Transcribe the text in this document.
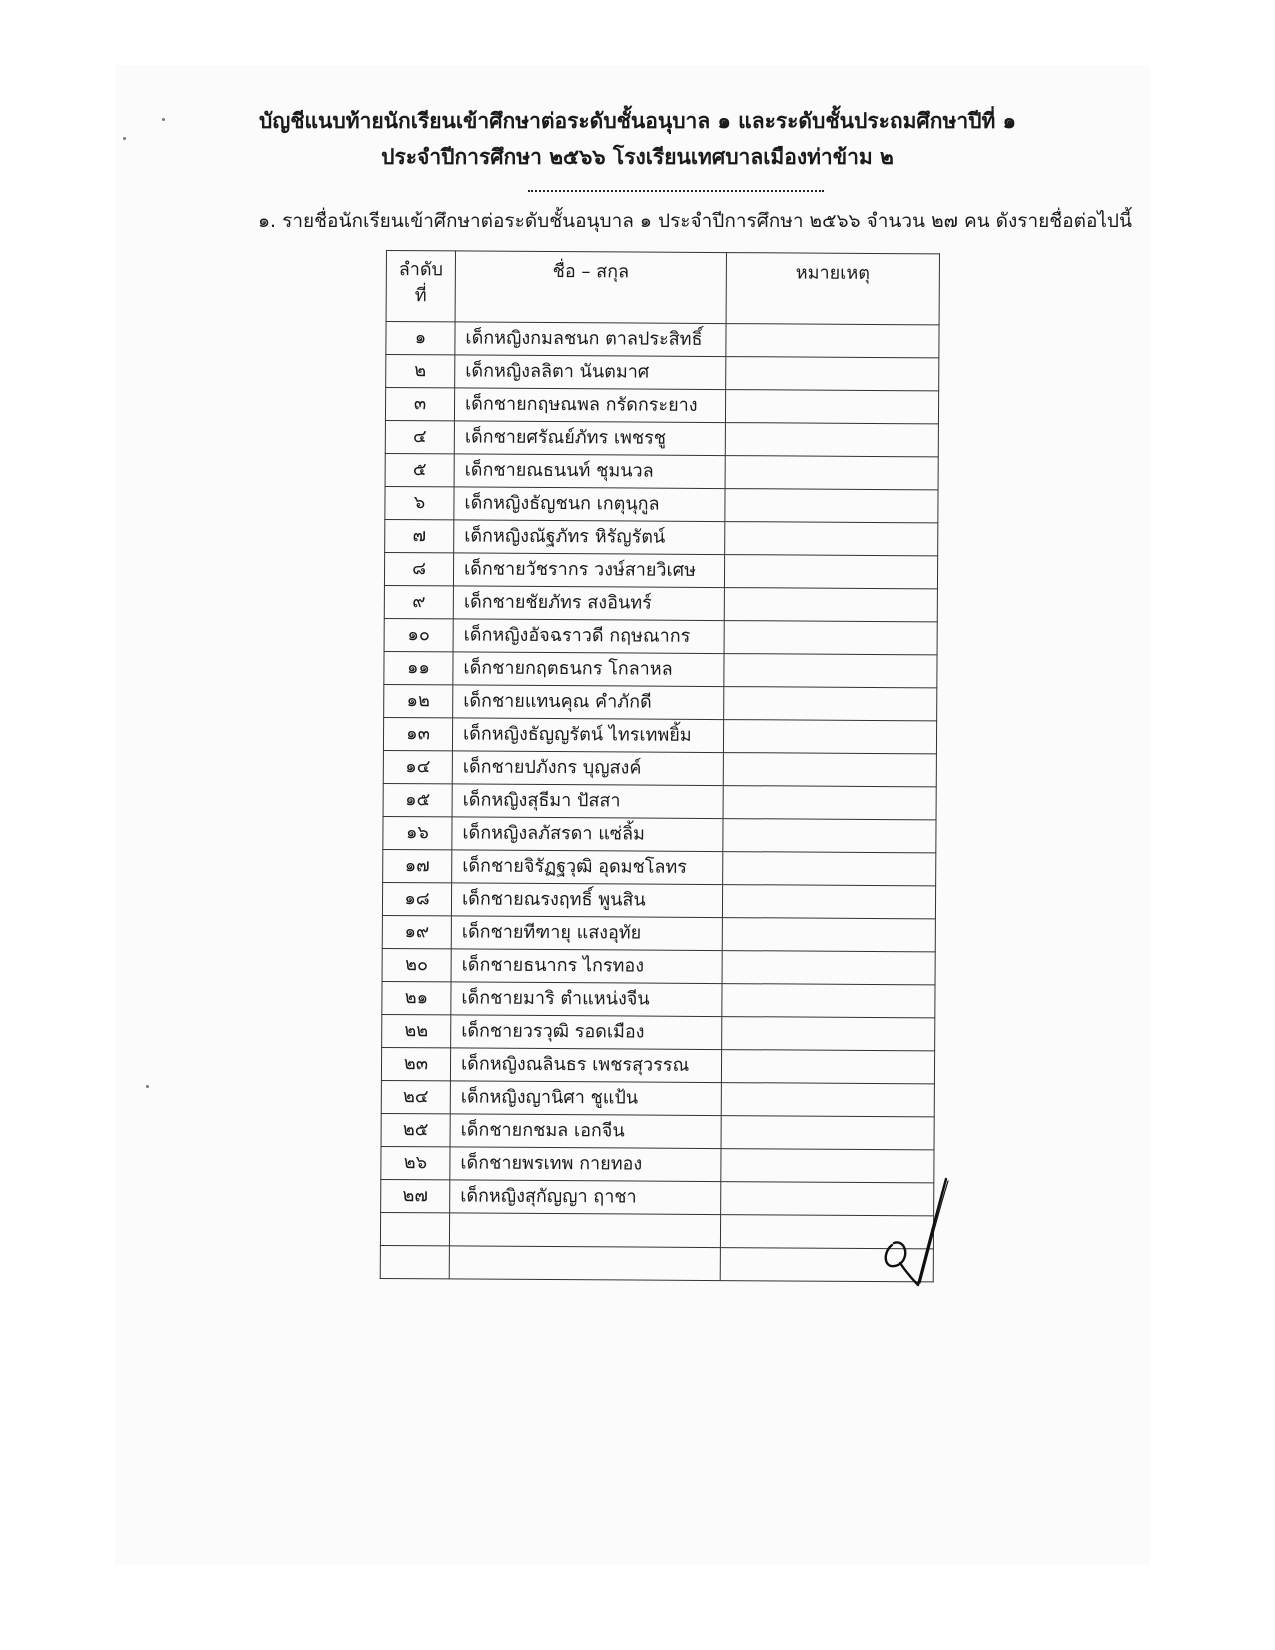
บัญชีแนบท้ายนักเรียนเข้าศึกษาต่อระดับชั้นอนุบาล ๑ และระดับชั้นประถมศึกษาปีที่ ๑
ประจำปีการศึกษา ๒๕๖๖ โรงเรียนเทศบาลเมืองท่าข้าม ๒
๑. รายชื่อนักเรียนเข้าศึกษาต่อระดับชั้นอนุบาล ๑ ประจำปีการศึกษา ๒๕๖๖ จำนวน ๒๗ คน ดังรายชื่อต่อไปนี้
ลำดับ
ที่	ชื่อ – สกุล	หมายเหตุ
๑	เด็กหญิงกมลชนก ตาลประสิทธิ์	
๒	เด็กหญิงลลิตา นันตมาศ	
๓	เด็กชายกฤษณพล กรัดกระยาง	
๔	เด็กชายศรัณย์ภัทร เพชรชู	
๕	เด็กชายณธนนท์ ชุมนวล	
๖	เด็กหญิงธัญชนก เกตุนุกูล	
๗	เด็กหญิงณัฐภัทร หิรัญรัตน์	
๘	เด็กชายวัชรากร วงษ์สายวิเศษ	
๙	เด็กชายชัยภัทร สงอินทร์	
๑๐	เด็กหญิงอัจฉราวดี กฤษณากร	
๑๑	เด็กชายกฤตธนกร โกลาหล	
๑๒	เด็กชายแทนคุณ คำภักดี	
๑๓	เด็กหญิงธัญญรัตน์ ไทรเทพยิ้ม	
๑๔	เด็กชายปภังกร บุญสงค์	
๑๕	เด็กหญิงสุธีมา ปัสสา	
๑๖	เด็กหญิงลภัสรดา แซ่ลิ้ม	
๑๗	เด็กชายจิรัฏฐวุฒิ อุดมชโลทร	
๑๘	เด็กชายณรงฤทธิ์ พูนสิน	
๑๙	เด็กชายทีฑายุ แสงอุทัย	
๒๐	เด็กชายธนากร ไกรทอง	
๒๑	เด็กชายมาริ ตำแหน่งจีน	
๒๒	เด็กชายวรวุฒิ รอดเมือง	
๒๓	เด็กหญิงณลินธร เพชรสุวรรณ	
๒๔	เด็กหญิงญานิศา ชูแป้น	
๒๕	เด็กชายกชมล เอกจีน	
๒๖	เด็กชายพรเทพ กายทอง	
๒๗	เด็กหญิงสุกัญญา ฤาชา	
